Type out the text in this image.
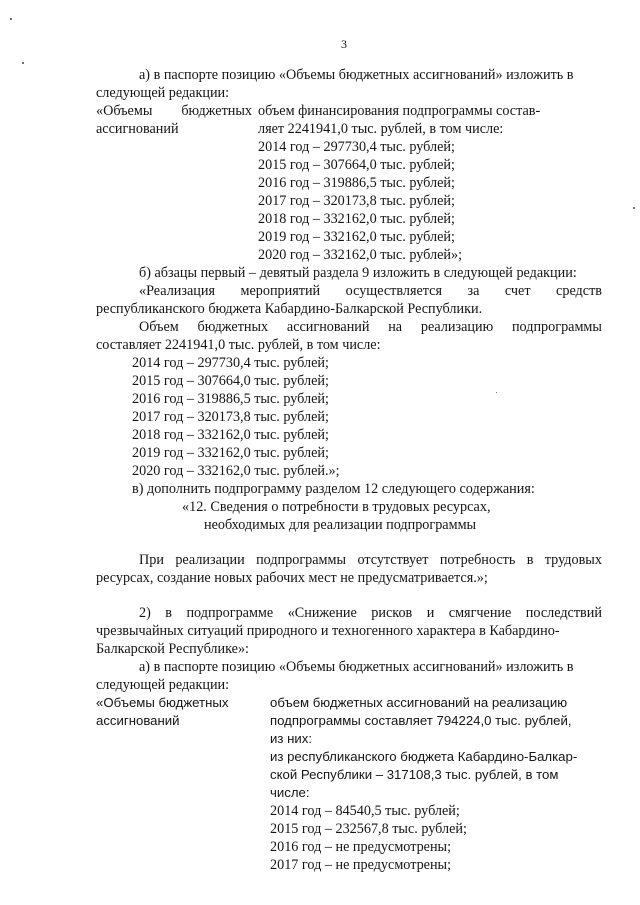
3
а) в паспорте позицию «Объемы бюджетных ассигнований» изложить в
следующей редакции:
«Объемы бюджетных
ассигнований
объем финансирования подпрограммы состав-
ляет 2241941,0 тыс. рублей, в том числе:
2014 год – 297730,4 тыс. рублей;
2015 год – 307664,0 тыс. рублей;
2016 год – 319886,5 тыс. рублей;
2017 год – 320173,8 тыс. рублей;
2018 год – 332162,0 тыс. рублей;
2019 год – 332162,0 тыс. рублей;
2020 год – 332162,0 тыс. рублей»;
б) абзацы первый – девятый раздела 9 изложить в следующей редакции:
«Реализация мероприятий осуществляется за счет средств
республиканского бюджета Кабардино-Балкарской Республики.
Объем бюджетных ассигнований на реализацию подпрограммы
составляет 2241941,0 тыс. рублей, в том числе:
2014 год – 297730,4 тыс. рублей;
2015 год – 307664,0 тыс. рублей;
2016 год – 319886,5 тыс. рублей;
2017 год – 320173,8 тыс. рублей;
2018 год – 332162,0 тыс. рублей;
2019 год – 332162,0 тыс. рублей;
2020 год – 332162,0 тыс. рублей.»;
в) дополнить подпрограмму разделом 12 следующего содержания:
«12. Сведения о потребности в трудовых ресурсах,
необходимых для реализации подпрограммы
При реализации подпрограммы отсутствует потребность в трудовых
ресурсах, создание новых рабочих мест не предусматривается.»;
2) в подпрограмме «Снижение рисков и смягчение последствий
чрезвычайных ситуаций природного и техногенного характера в Кабардино-
Балкарской Республике»:
а) в паспорте позицию «Объемы бюджетных ассигнований» изложить в
следующей редакции:
«Объемы бюджетных
ассигнований
объем бюджетных ассигнований на реализацию
подпрограммы составляет 794224,0 тыс. рублей,
из них:
из республиканского бюджета Кабардино-Балкар-
ской Республики – 317108,3 тыс. рублей, в том
числе:
2014 год – 84540,5 тыс. рублей;
2015 год – 232567,8 тыс. рублей;
2016 год – не предусмотрены;
2017 год – не предусмотрены;
